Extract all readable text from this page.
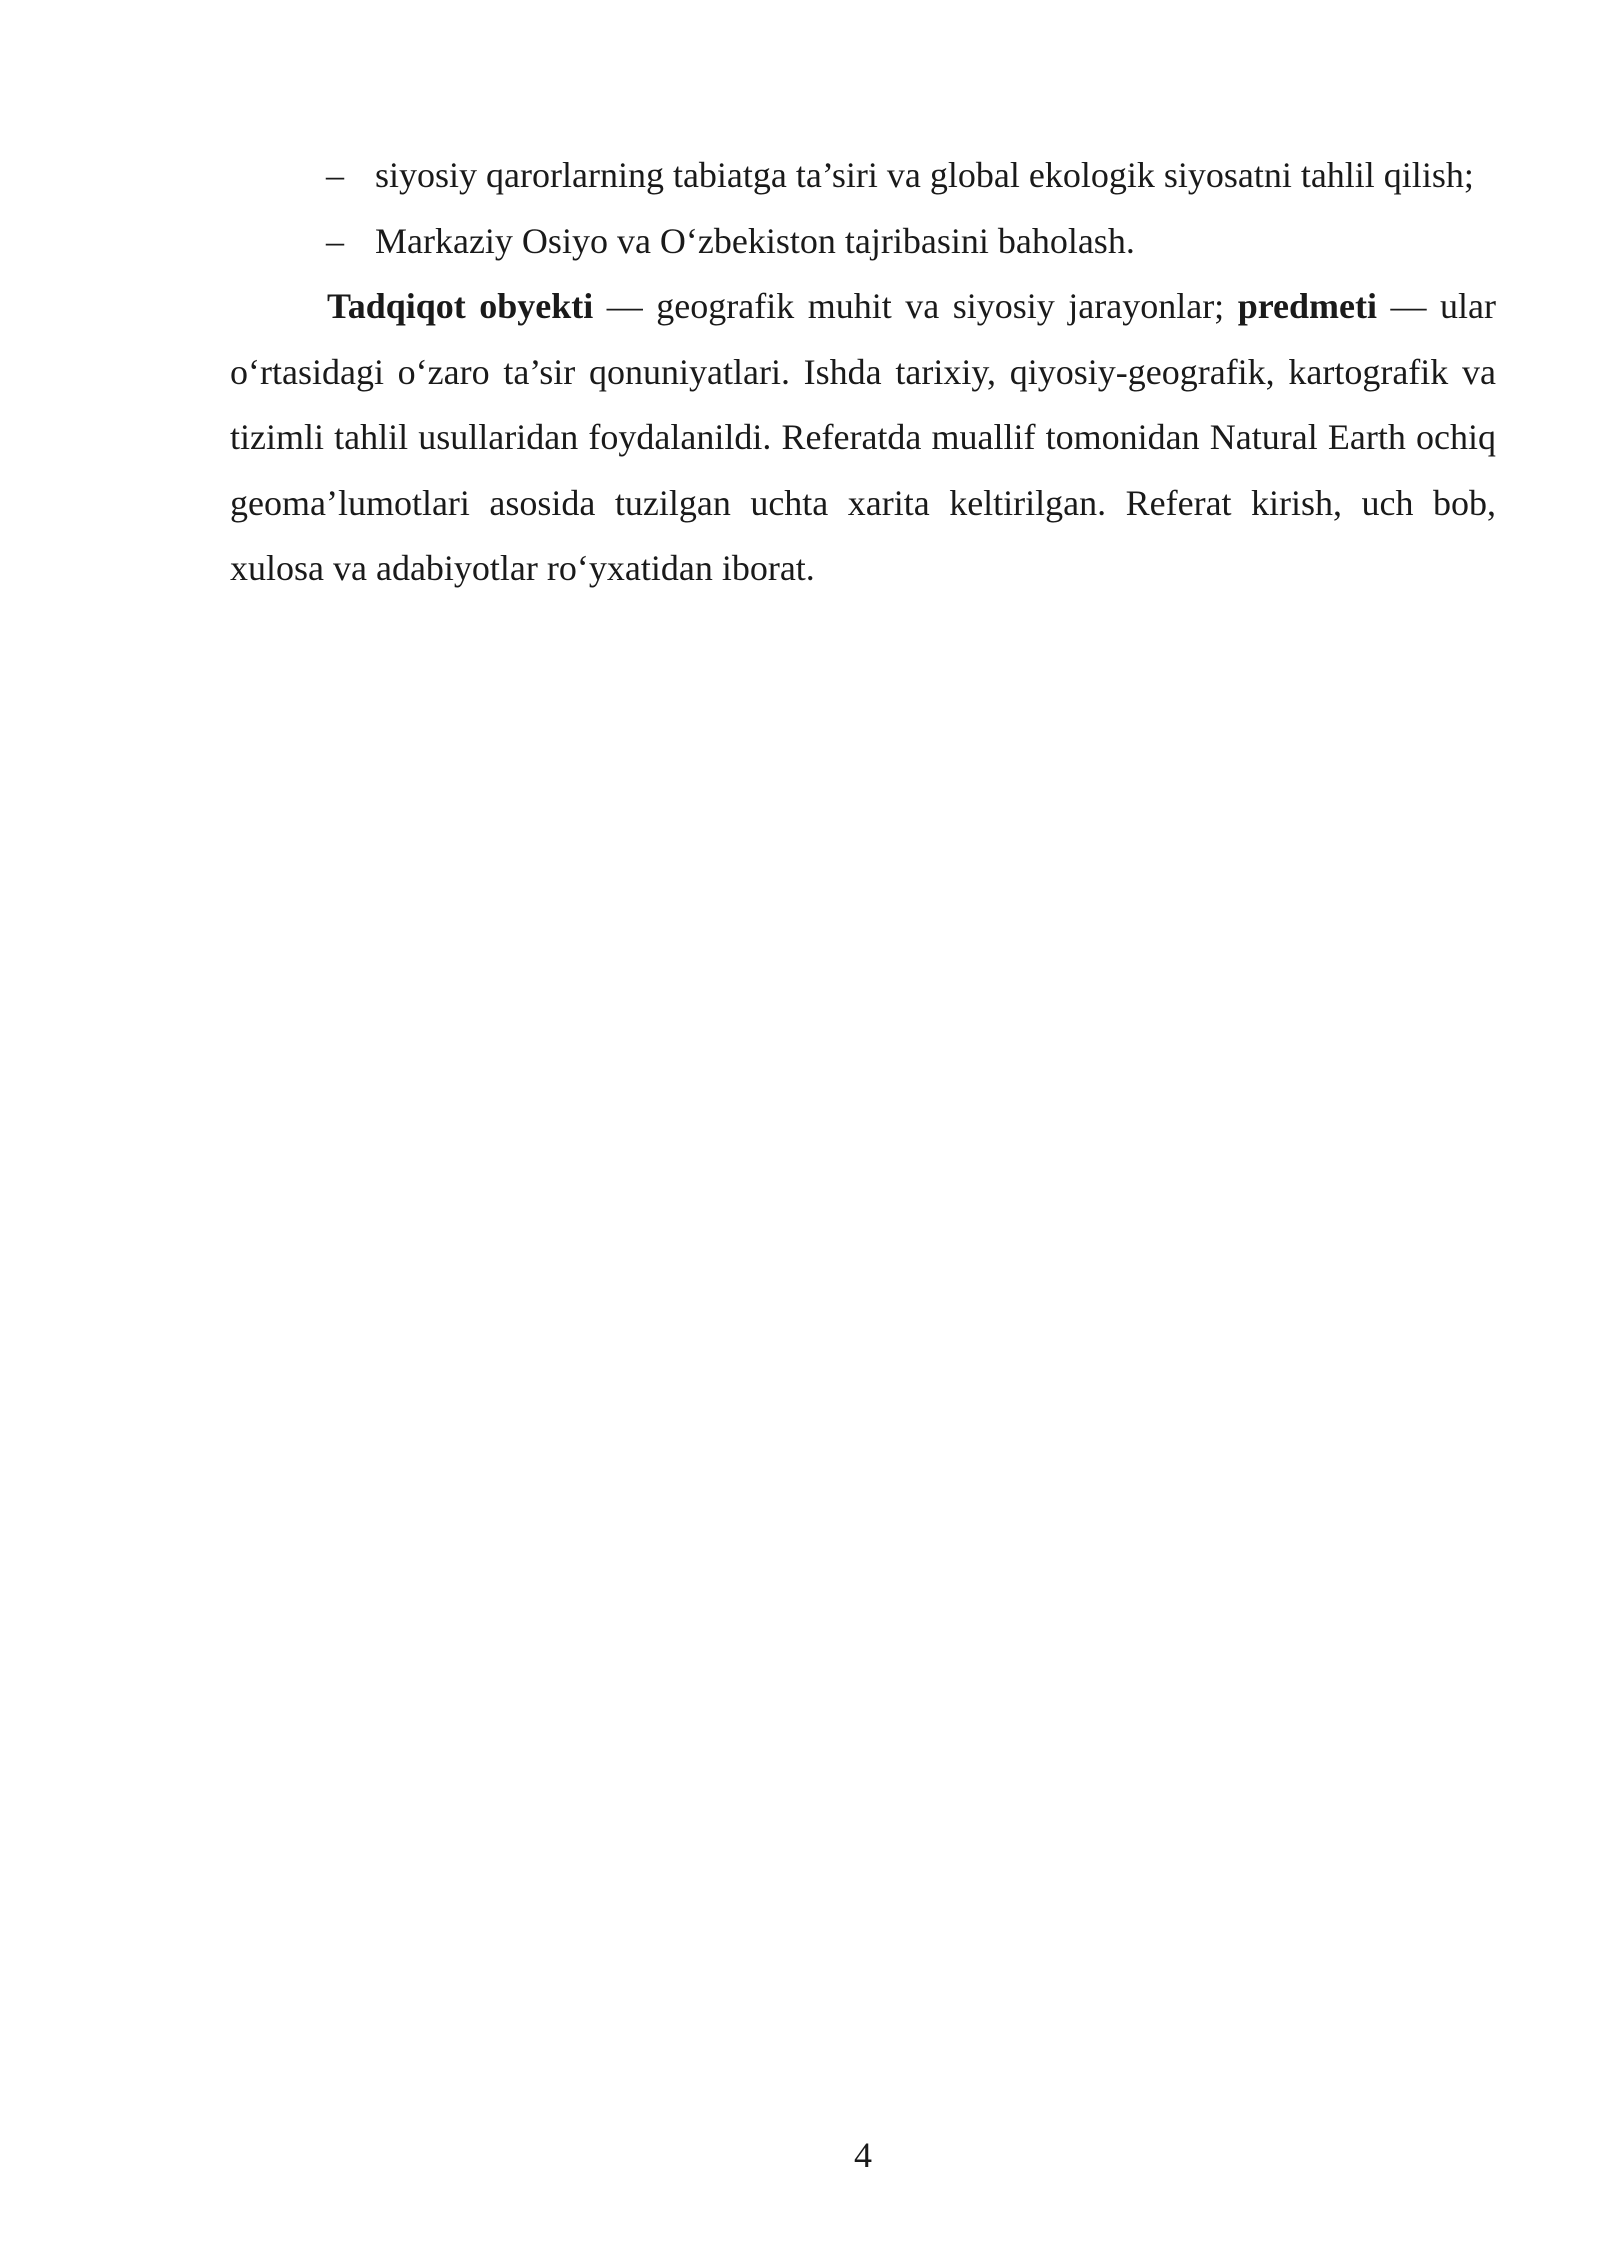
– siyosiy qarorlarning tabiatga ta’siri va global ekologik siyosatni tahlil qilish;
– Markaziy Osiyo va O‘zbekiston tajribasini baholash.

Tadqiqot obyekti — geografik muhit va siyosiy jarayonlar; predmeti — ular o‘rtasidagi o‘zaro ta’sir qonuniyatlari. Ishda tarixiy, qiyosiy-geografik, kartografik va tizimli tahlil usullaridan foydalanildi. Referatda muallif tomonidan Natural Earth ochiq geoma’lumotlari asosida tuzilgan uchta xarita keltirilgan. Referat kirish, uch bob, xulosa va adabiyotlar ro‘yxatidan iborat.

4
